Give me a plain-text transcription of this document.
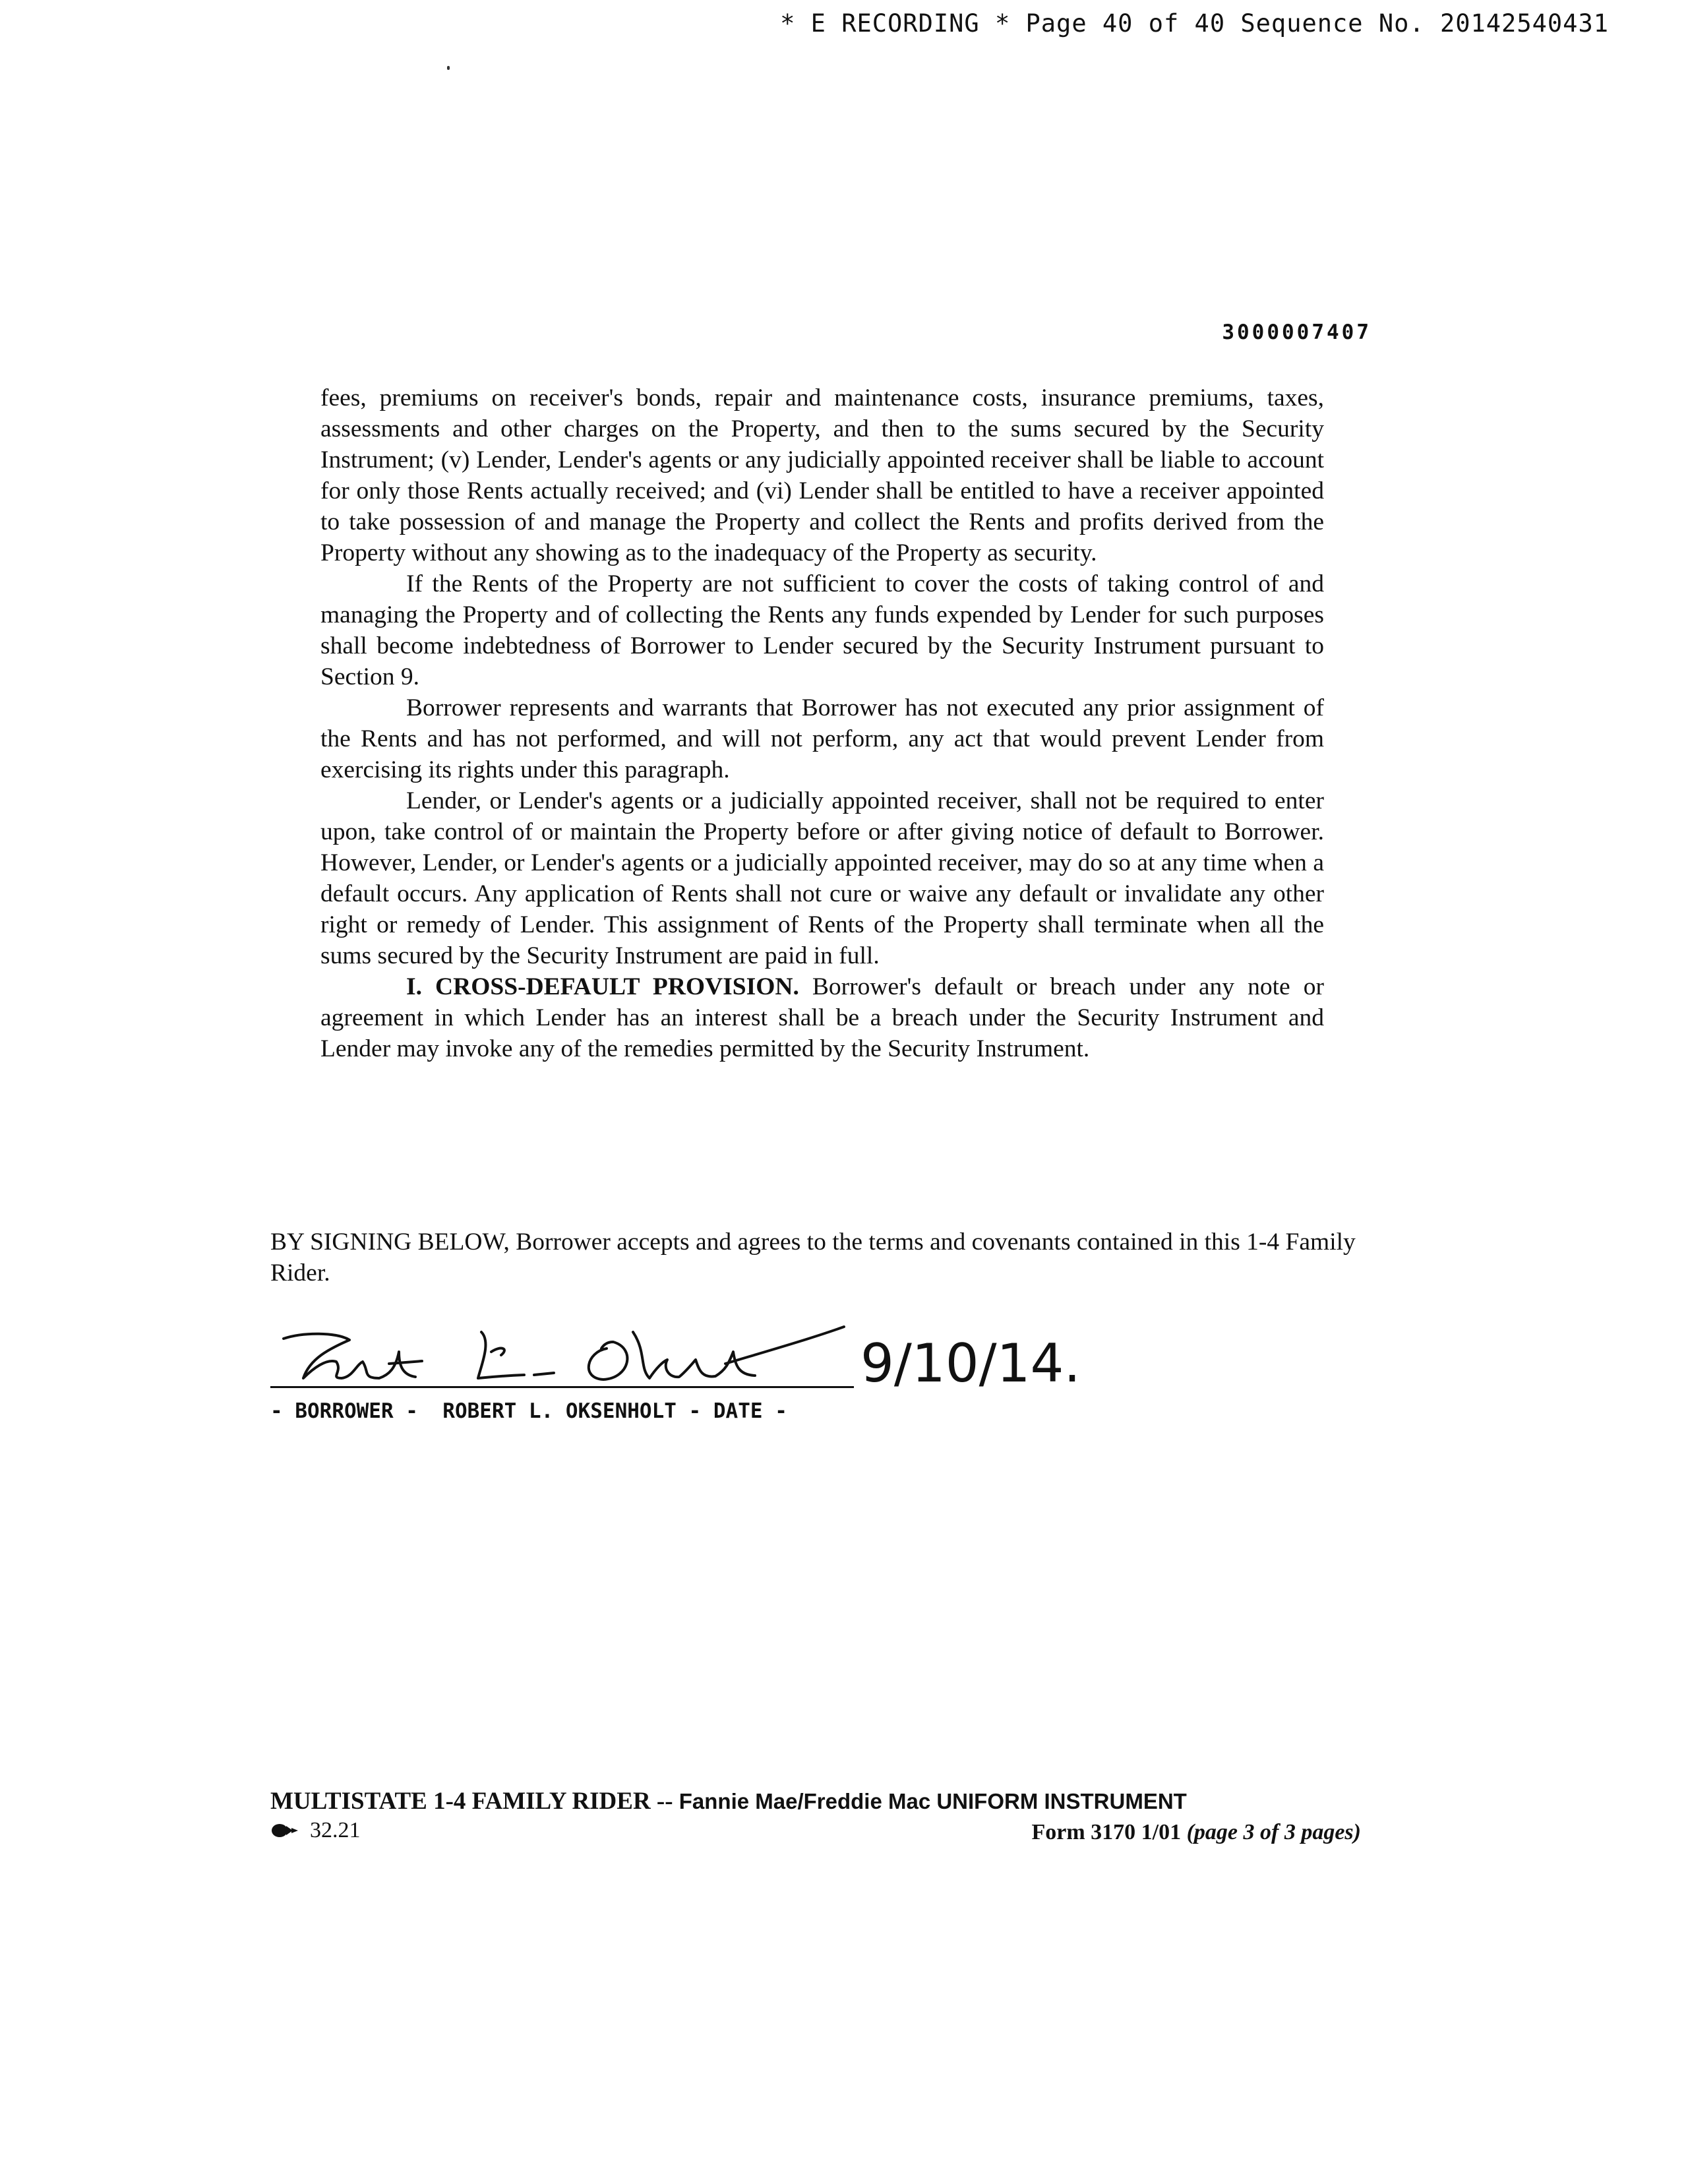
* E RECORDING * Page 40 of 40 Sequence No. 20142540431
3000007407

fees, premiums on receiver's bonds, repair and maintenance costs, insurance premiums, taxes, assessments and other charges on the Property, and then to the sums secured by the Security Instrument; (v) Lender, Lender's agents or any judicially appointed receiver shall be liable to account for only those Rents actually received; and (vi) Lender shall be entitled to have a receiver appointed to take possession of and manage the Property and collect the Rents and profits derived from the Property without any showing as to the inadequacy of the Property as security.

If the Rents of the Property are not sufficient to cover the costs of taking control of and managing the Property and of collecting the Rents any funds expended by Lender for such purposes shall become indebtedness of Borrower to Lender secured by the Security Instrument pursuant to Section 9.

Borrower represents and warrants that Borrower has not executed any prior assignment of the Rents and has not performed, and will not perform, any act that would prevent Lender from exercising its rights under this paragraph.

Lender, or Lender's agents or a judicially appointed receiver, shall not be required to enter upon, take control of or maintain the Property before or after giving notice of default to Borrower. However, Lender, or Lender's agents or a judicially appointed receiver, may do so at any time when a default occurs. Any application of Rents shall not cure or waive any default or invalidate any other right or remedy of Lender. This assignment of Rents of the Property shall terminate when all the sums secured by the Security Instrument are paid in full.

I. CROSS-DEFAULT PROVISION. Borrower's default or breach under any note or agreement in which Lender has an interest shall be a breach under the Security Instrument and Lender may invoke any of the remedies permitted by the Security Instrument.

BY SIGNING BELOW, Borrower accepts and agrees to the terms and covenants contained in this 1-4 Family Rider.

9/10/14.
- BORROWER -  ROBERT L. OKSENHOLT - DATE -
MULTISTATE 1-4 FAMILY RIDER -- Fannie Mae/Freddie Mac UNIFORM INSTRUMENT
32.21	Form 3170 1/01 (page 3 of 3 pages)
